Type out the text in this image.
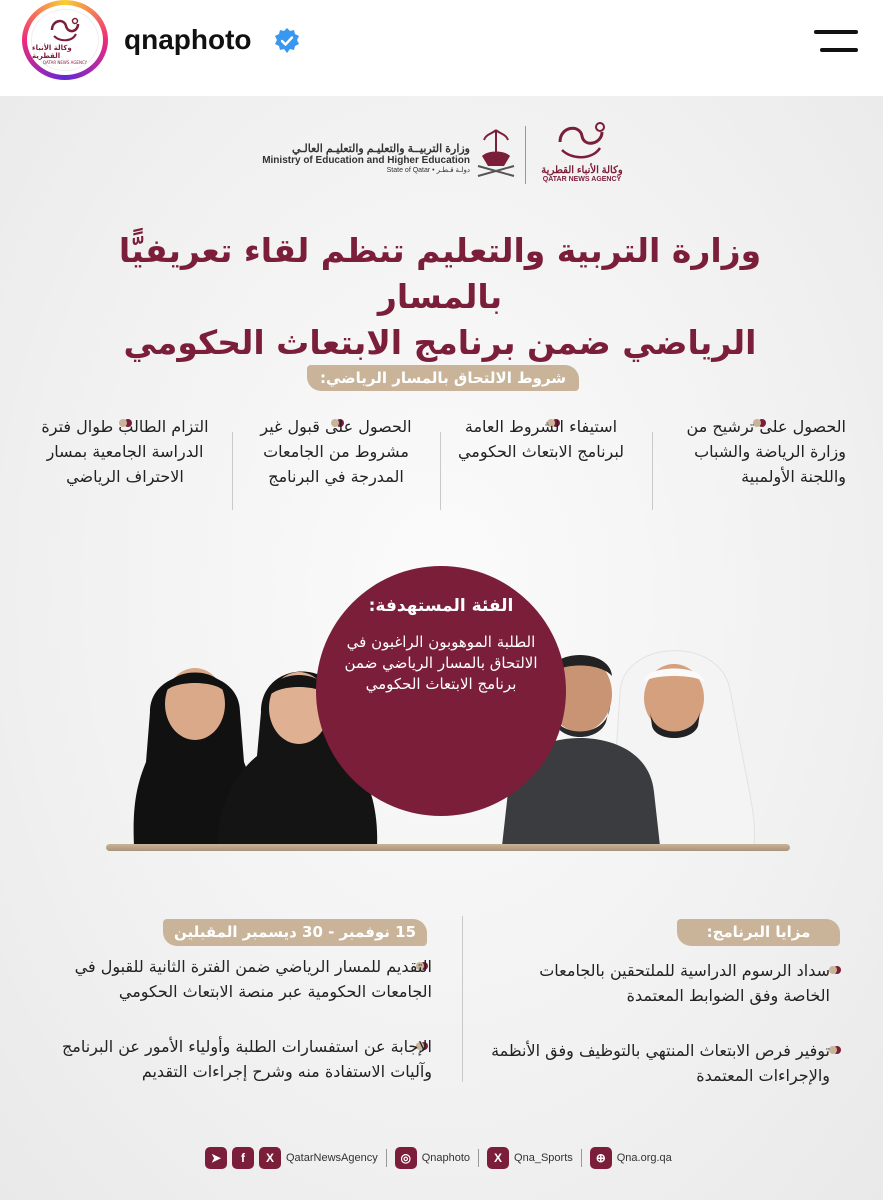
وكالة الأنباء القطرية
QATAR NEWS AGENCY
qnaphoto
وزارة التربيــة والتعليـم والتعليـم العالـي
Ministry of Education and Higher Education
State of Qatar • دولـة قـطـر	وكالة الأنباء القطرية
QATAR NEWS AGENCY
وزارة التربية والتعليم تنظم لقاء تعريفيًّا بالمسار
الرياضي ضمن برنامج الابتعاث الحكومي
شروط الالتحاق بالمسار الرياضي:
الحصول على ترشيح من وزارة الرياضة والشباب واللجنة الأولمبية
استيفاء الشروط العامة لبرنامج الابتعاث الحكومي
الحصول على قبول غير مشروط من الجامعات المدرجة في البرنامج
التزام الطالب طوال فترة الدراسة الجامعية بمسار الاحتراف الرياضي
الفئة المستهدفة:
الطلبة الموهوبون الراغبون في الالتحاق بالمسار الرياضي ضمن برنامج الابتعاث الحكومي
15 نوفمبر - 30 ديسمبر المقبلين
التقديم للمسار الرياضي ضمن الفترة الثانية للقبول في الجامعات الحكومية عبر منصة الابتعاث الحكومي
الإجابة عن استفسارات الطلبة وأولياء الأمور عن البرنامج وآليات الاستفادة منه وشرح إجراءات التقديم
مزايا البرنامج:
سداد الرسوم الدراسية للملتحقين بالجامعات الخاصة وفق الضوابط المعتمدة
توفير فرص الابتعاث المنتهي بالتوظيف وفق الأنظمة والإجراءات المعتمدة
➤	f	X	QatarNewsAgency	◎ Qnaphoto	X	Qna_Sports	⊕ Qna.org.qa
